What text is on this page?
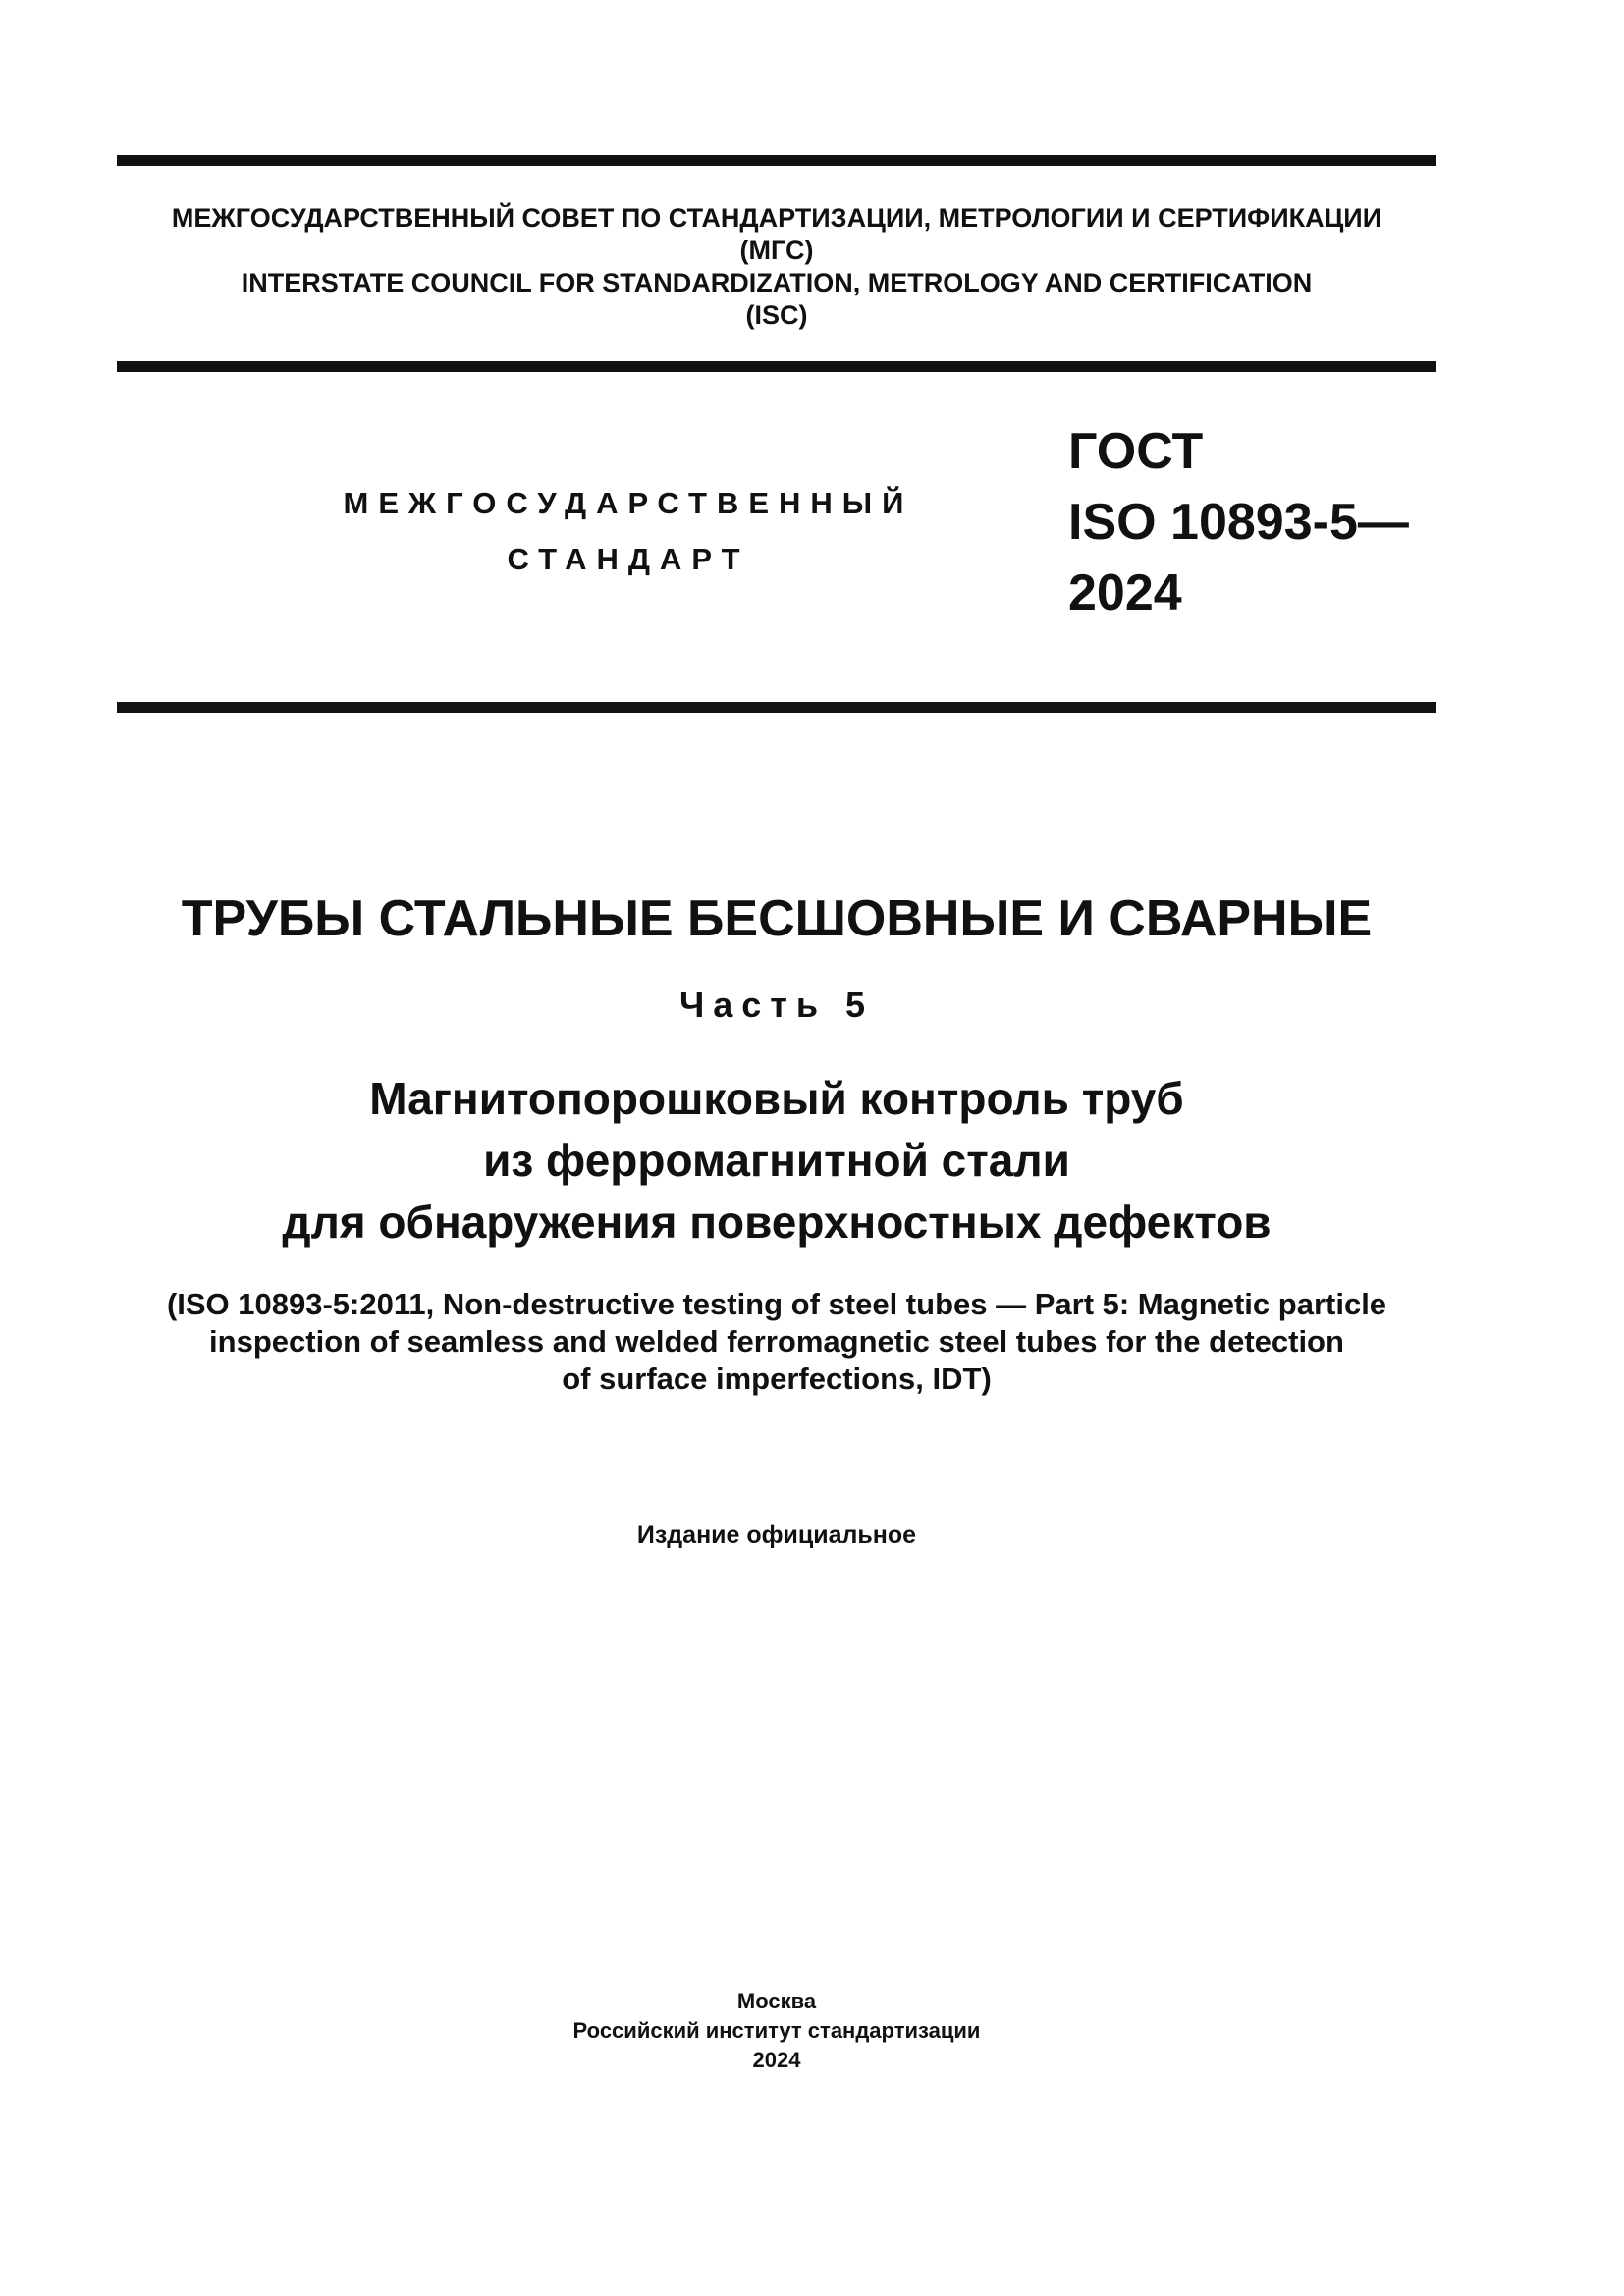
МЕЖГОСУДАРСТВЕННЫЙ СОВЕТ ПО СТАНДАРТИЗАЦИИ, МЕТРОЛОГИИ И СЕРТИФИКАЦИИ
(МГС)
INTERSTATE COUNCIL FOR STANDARDIZATION, METROLOGY AND CERTIFICATION
(ISC)
МЕЖГОСУДАРСТВЕННЫЙ
СТАНДАРТ
ГОСТ
ISO 10893-5—
2024
ТРУБЫ СТАЛЬНЫЕ БЕСШОВНЫЕ И СВАРНЫЕ
Часть 5
Магнитопорошковый контроль труб
из ферромагнитной стали
для обнаружения поверхностных дефектов
(ISO 10893-5:2011, Non-destructive testing of steel tubes — Part 5: Magnetic particle
inspection of seamless and welded ferromagnetic steel tubes for the detection
of surface imperfections, IDT)
Издание официальное
Москва
Российский институт стандартизации
2024
